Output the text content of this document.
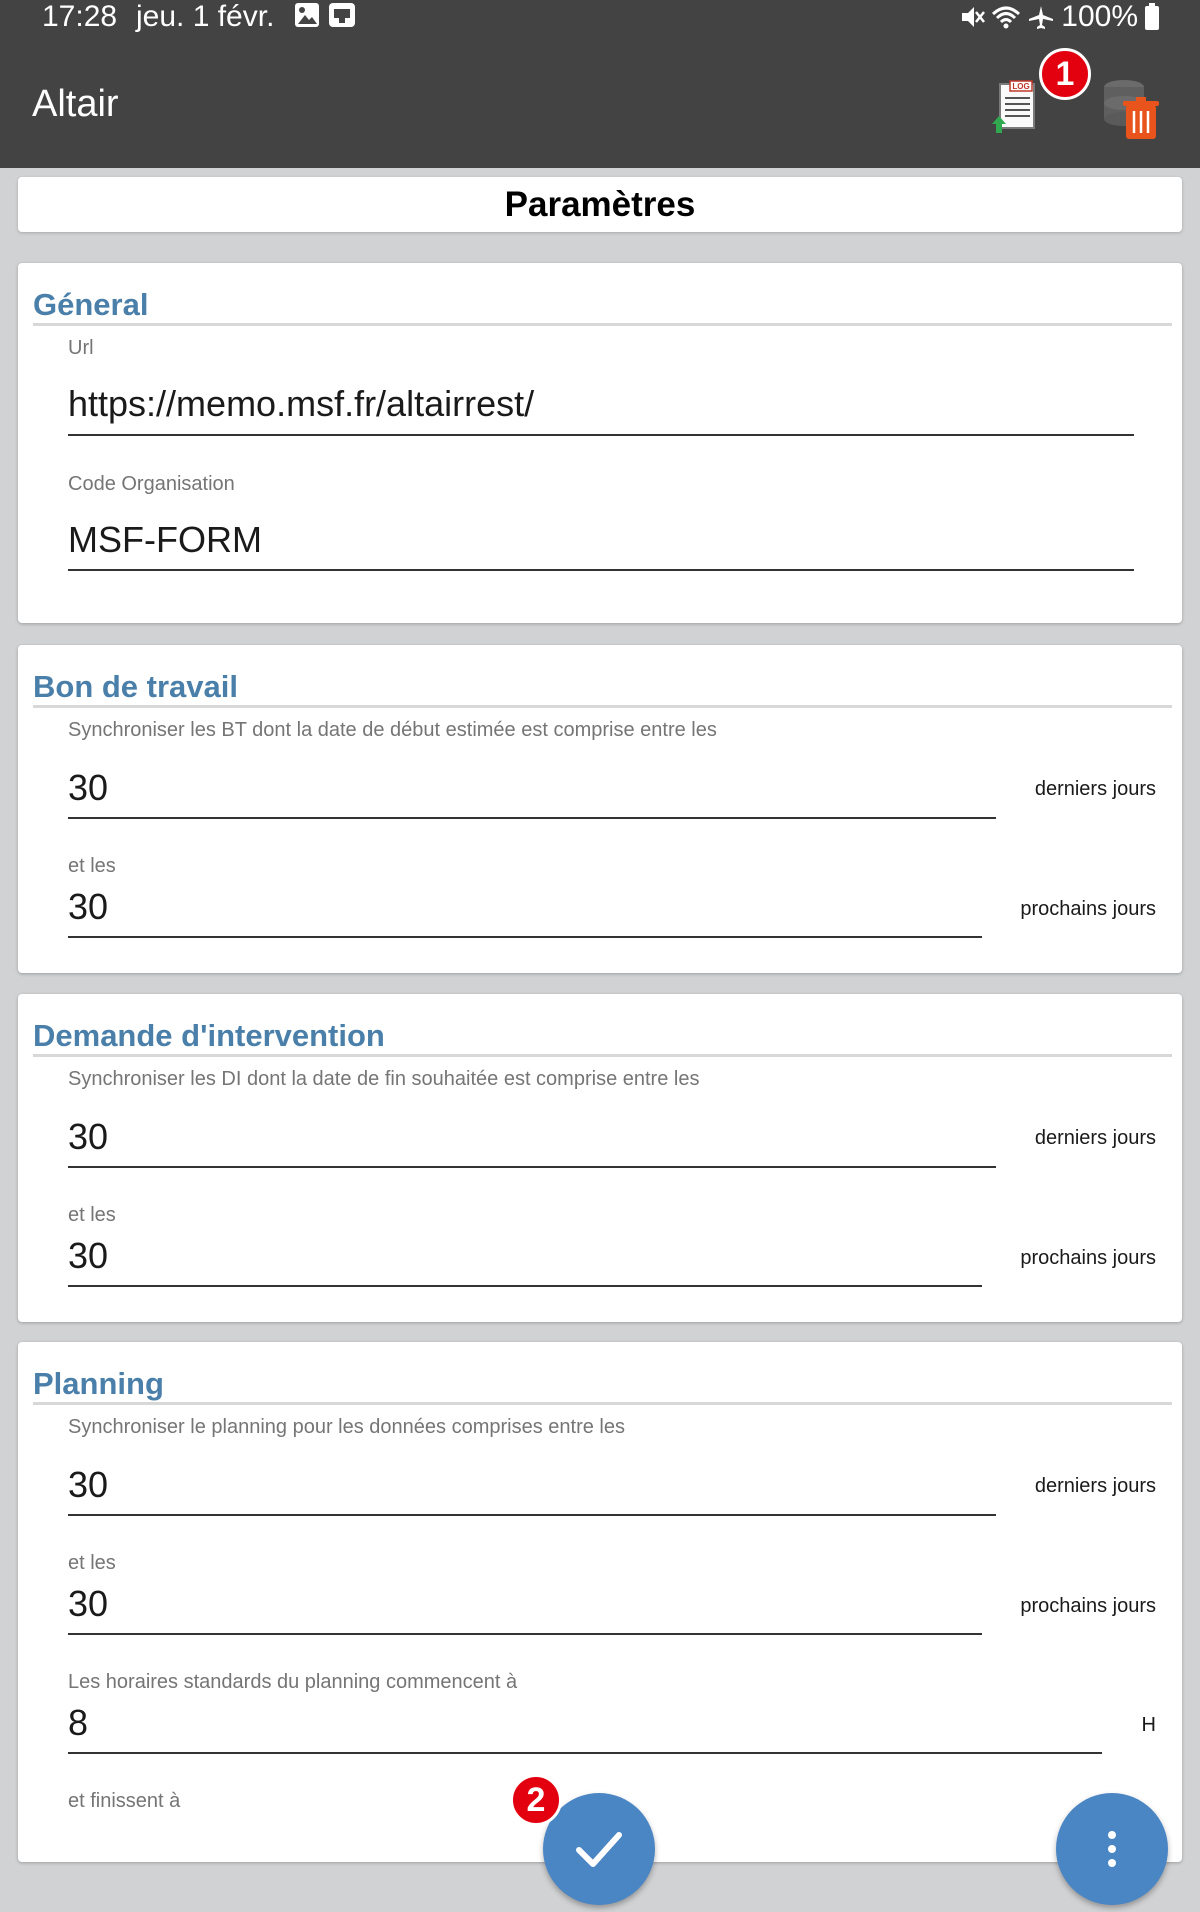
17:28 jeu. 1 févr.	100%
Altair	LOG 1
Paramètres
Géneral
Url
https://memo.msf.fr/altairrest/
Code Organisation
MSF-FORM
Bon de travail
Synchroniser les BT dont la date de début estimée est comprise entre les
30	derniers jours
et les
30	prochains jours
Demande d'intervention
Synchroniser les DI dont la date de fin souhaitée est comprise entre les
30	derniers jours
et les
30	prochains jours
Planning
Synchroniser le planning pour les données comprises entre les
30	derniers jours
et les
30	prochains jours
Les horaires standards du planning commencent à
8	H
et finissent à	2
